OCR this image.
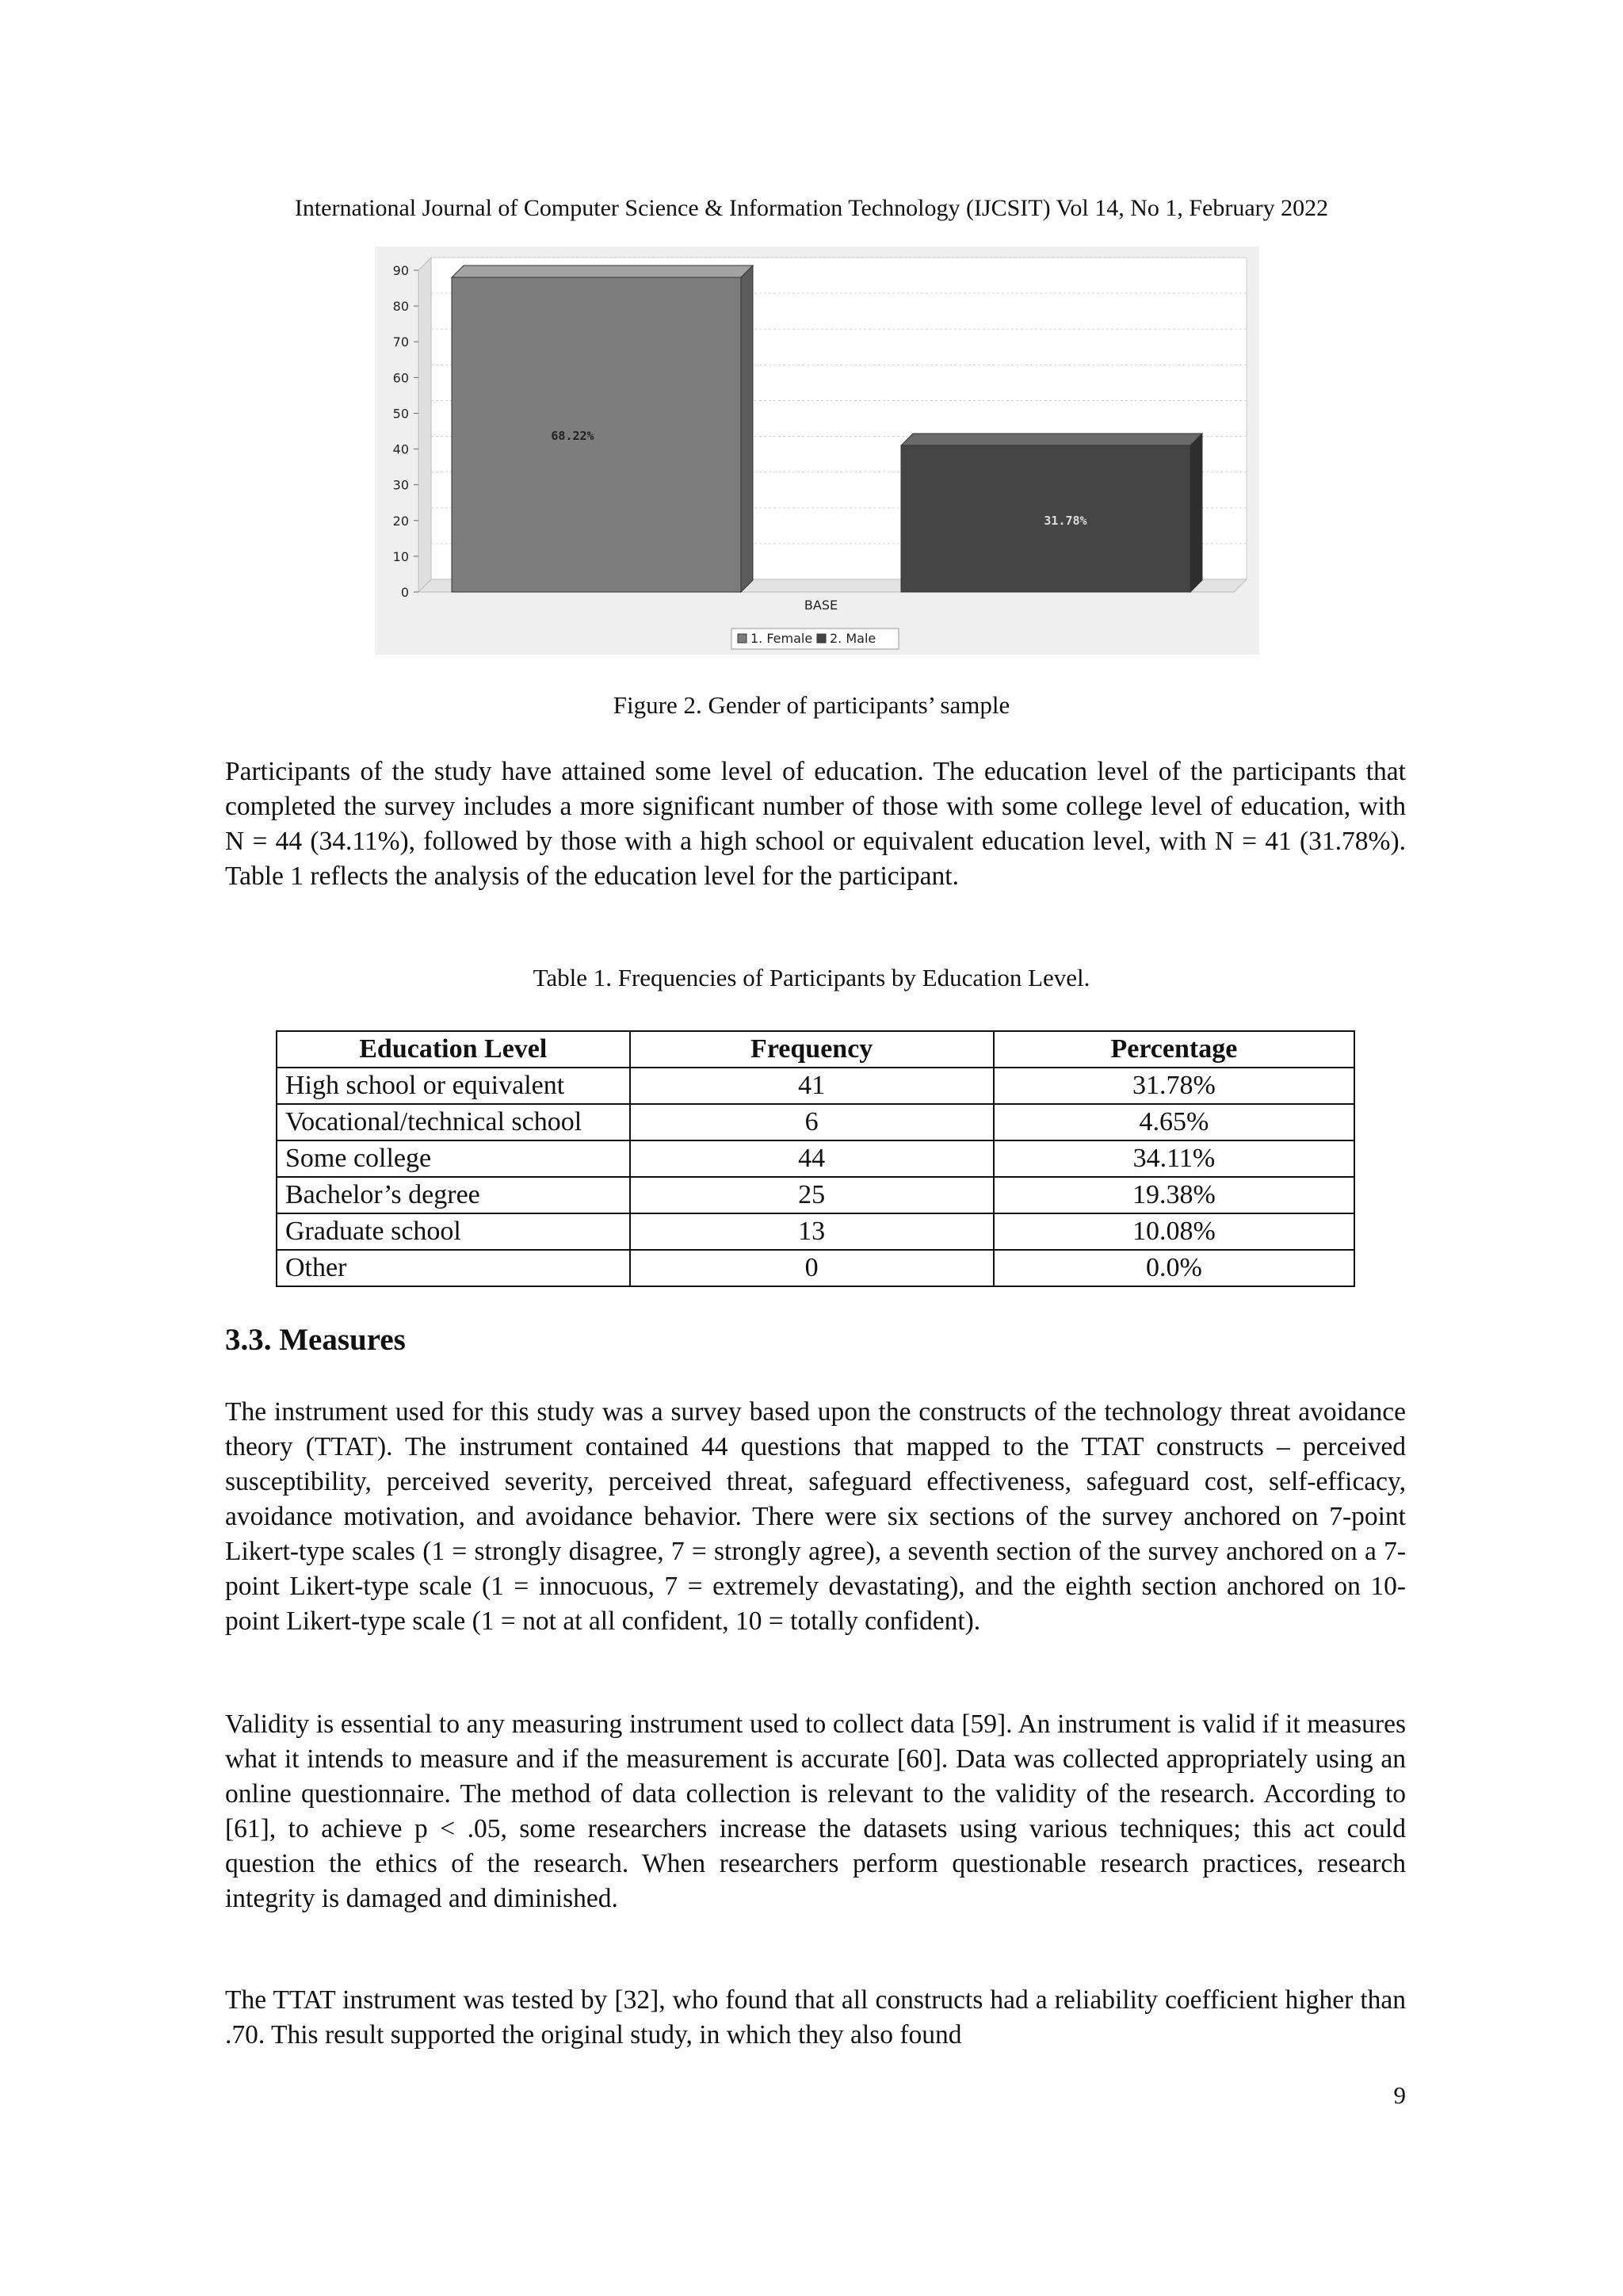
International Journal of Computer Science & Information Technology (IJCSIT) Vol 14, No 1, February 2022
0
10
20
30
40
50
60
70
80
90
68.22%
31.78%
BASE
1. Female 2. Male
Figure 2. Gender of participants’ sample

Participants of the study have attained some level of education. The education level of the participants that completed the survey includes a more significant number of those with some college level of education, with N = 44 (34.11%), followed by those with a high school or equivalent education level, with N = 41 (31.78%). Table 1 reflects the analysis of the education level for the participant.

Table 1. Frequencies of Participants by Education Level.
Education Level	Frequency	Percentage
High school or equivalent	41	31.78%
Vocational/technical school	6	4.65%
Some college	44	34.11%
Bachelor’s degree	25	19.38%
Graduate school	13	10.08%
Other	0	0.0%
3.3. Measures

The instrument used for this study was a survey based upon the constructs of the technology threat avoidance theory (TTAT). The instrument contained 44 questions that mapped to the TTAT constructs – perceived susceptibility, perceived severity, perceived threat, safeguard effectiveness, safeguard cost, self-efficacy, avoidance motivation, and avoidance behavior. There were six sections of the survey anchored on 7-point Likert-type scales (1 = strongly disagree, 7 = strongly agree), a seventh section of the survey anchored on a 7-point Likert-type scale (1 = innocuous, 7 = extremely devastating), and the eighth section anchored on 10-point Likert-type scale (1 = not at all confident, 10 = totally confident).

Validity is essential to any measuring instrument used to collect data [59]. An instrument is valid if it measures what it intends to measure and if the measurement is accurate [60]. Data was collected appropriately using an online questionnaire. The method of data collection is relevant to the validity of the research. According to [61], to achieve p < .05, some researchers increase the datasets using various techniques; this act could question the ethics of the research. When researchers perform questionable research practices, research integrity is damaged and diminished.

The TTAT instrument was tested by [32], who found that all constructs had a reliability coefficient higher than .70. This result supported the original study, in which they also found

9
